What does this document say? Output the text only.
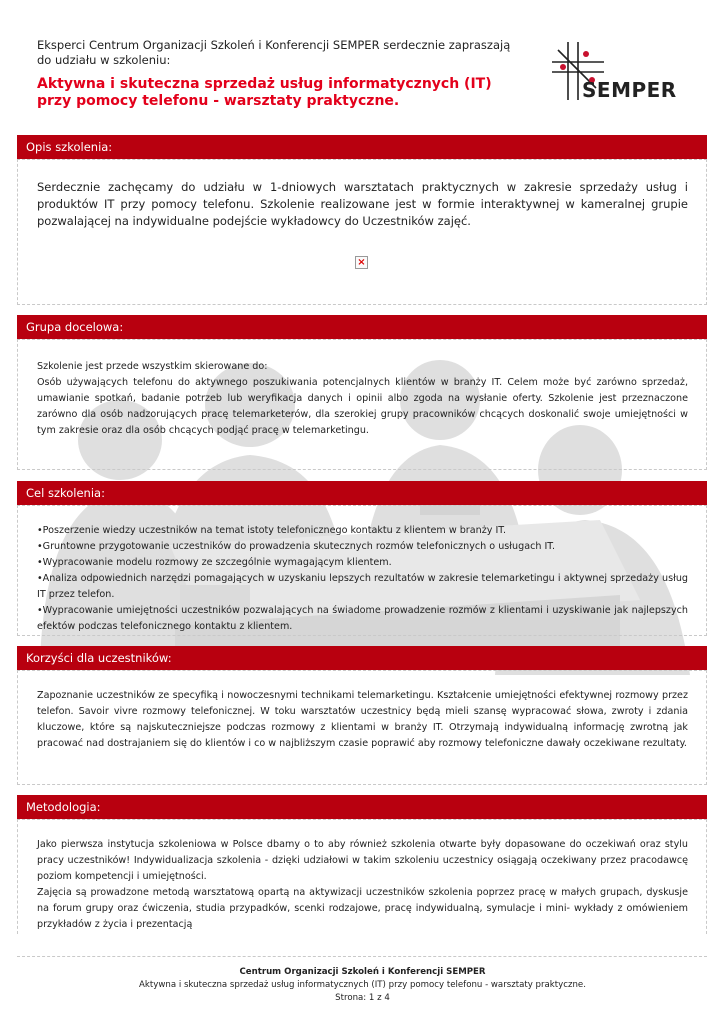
Eksperci Centrum Organizacji Szkoleń i Konferencji SEMPER serdecznie zapraszają do udziału w szkoleniu:
Aktywna i skuteczna sprzedaż usług informatycznych (IT) przy pomocy telefonu - warsztaty praktyczne.	SEMPER
Opis szkolenia:
Serdecznie zachęcamy do udziału w 1-dniowych warsztatach praktycznych w zakresie sprzedaży usług i produktów IT przy pomocy telefonu. Szkolenie realizowane jest w formie interaktywnej w kameralnej grupie pozwalającej na indywidualne podejście wykładowcy do Uczestników zajęć.
×
Grupa docelowa:
Szkolenie jest przede wszystkim skierowane do:
Osób używających telefonu do aktywnego poszukiwania potencjalnych klientów w branży IT. Celem może być zarówno sprzedaż, umawianie spotkań, badanie potrzeb lub weryfikacja danych i opinii albo zgoda na wysłanie oferty. Szkolenie jest przeznaczone zarówno dla osób nadzorujących pracę telemarketerów, dla szerokiej grupy pracowników chcących doskonalić swoje umiejętności w tym zakresie oraz dla osób chcących podjąć pracę w telemarketingu.
Cel szkolenia:
•Poszerzenie wiedzy uczestników na temat istoty telefonicznego kontaktu z klientem w branży IT.
•Gruntowne przygotowanie uczestników do prowadzenia skutecznych rozmów telefonicznych o usługach IT.
•Wypracowanie modelu rozmowy ze szczególnie wymagającym klientem.
•Analiza odpowiednich narzędzi pomagających w uzyskaniu lepszych rezultatów w zakresie telemarketingu i aktywnej sprzedaży usług IT przez telefon.
•Wypracowanie umiejętności uczestników pozwalających na świadome prowadzenie rozmów z klientami i uzyskiwanie jak najlepszych efektów podczas telefonicznego kontaktu z klientem.
Korzyści dla uczestników:
Zapoznanie uczestników ze specyfiką i nowoczesnymi technikami telemarketingu. Kształcenie umiejętności efektywnej rozmowy przez telefon. Savoir vivre rozmowy telefonicznej. W toku warsztatów uczestnicy będą mieli szansę wypracować słowa, zwroty i zdania kluczowe, które są najskuteczniejsze podczas rozmowy z klientami w branży IT. Otrzymają indywidualną informację zwrotną jak pracować nad dostrajaniem się do klientów i co w najbliższym czasie poprawić aby rozmowy telefoniczne dawały oczekiwane rezultaty.
Metodologia:
Jako pierwsza instytucja szkoleniowa w Polsce dbamy o to aby również szkolenia otwarte były dopasowane do oczekiwań oraz stylu pracy uczestników! Indywidualizacja szkolenia - dzięki udziałowi w takim szkoleniu uczestnicy osiągają oczekiwany przez pracodawcę poziom kompetencji i umiejętności.
Zajęcia są prowadzone metodą warsztatową opartą na aktywizacji uczestników szkolenia poprzez pracę w małych grupach, dyskusje na forum grupy oraz ćwiczenia, studia przypadków, scenki rodzajowe, pracę indywidualną, symulacje i mini- wykłady z omówieniem przykładów z życia i prezentacją
Centrum Organizacji Szkoleń i Konferencji SEMPER
Aktywna i skuteczna sprzedaż usług informatycznych (IT) przy pomocy telefonu - warsztaty praktyczne.
Strona: 1 z 4
